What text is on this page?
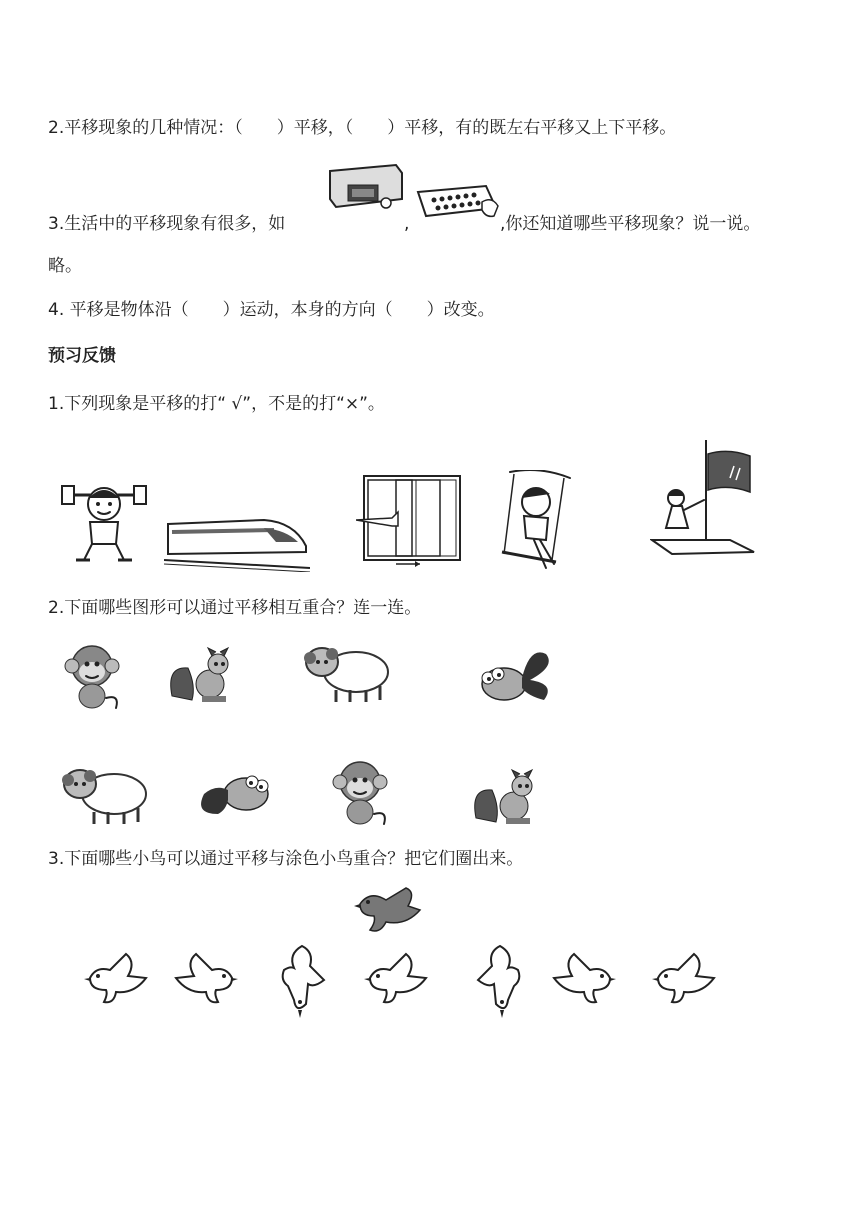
2.平移现象的几种情况：（　　）平移，（　　）平移，有的既左右平移又上下平移。
3.生活中的平移现象有很多，如	,	,你还知道哪些平移现象？说一说。
略。
4. 平移是物体沿（　　）运动，本身的方向（　　）改变。
预习反馈
1.下列现象是平移的打“ √”，不是的打“×”。
2.下面哪些图形可以通过平移相互重合？连一连。
3.下面哪些小鸟可以通过平移与涂色小鸟重合？把它们圈出来。
